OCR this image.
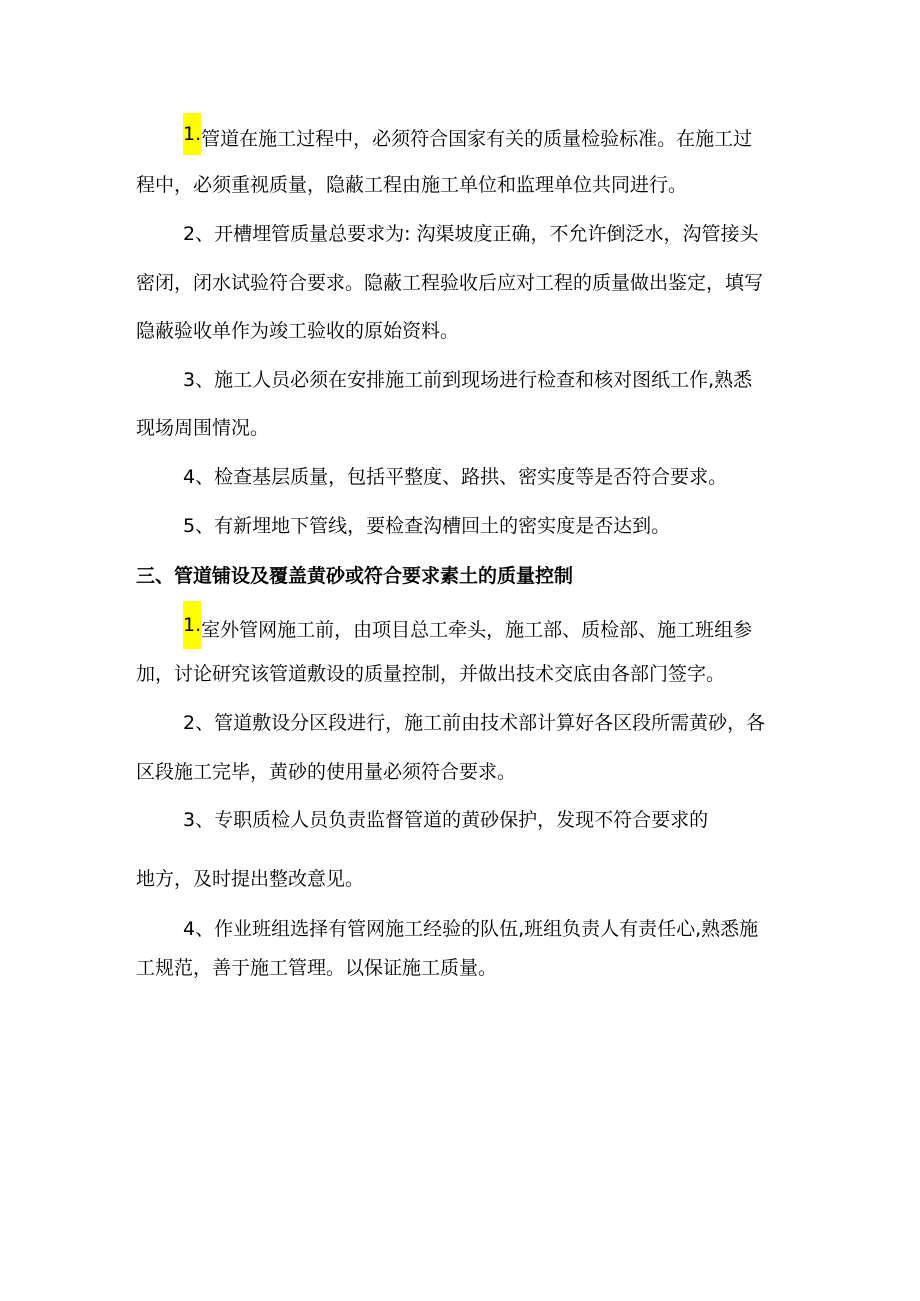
1.管道在施工过程中，必须符合国家有关的质量检验标准。在施工过
程中，必须重视质量，隐蔽工程由施工单位和监理单位共同进行。
2、开槽埋管质量总要求为: 沟渠坡度正确，不允许倒泛水，沟管接头
密闭，闭水试验符合要求。隐蔽工程验收后应对工程的质量做出鉴定，填写
隐蔽验收单作为竣工验收的原始资料。
3、施工人员必须在安排施工前到现场进行检查和核对图纸工作,熟悉
现场周围情况。
4、检查基层质量，包括平整度、路拱、密实度等是否符合要求。
5、有新埋地下管线，要检查沟槽回土的密实度是否达到。
三、管道铺设及覆盖黄砂或符合要求素土的质量控制
1.室外管网施工前，由项目总工牵头，施工部、质检部、施工班组参
加，讨论研究该管道敷设的质量控制，并做出技术交底由各部门签字。
2、管道敷设分区段进行，施工前由技术部计算好各区段所需黄砂，各
区段施工完毕，黄砂的使用量必须符合要求。
3、专职质检人员负责监督管道的黄砂保护，发现不符合要求的
地方，及时提出整改意见。
4、作业班组选择有管网施工经验的队伍,班组负责人有责任心,熟悉施
工规范，善于施工管理。以保证施工质量。
